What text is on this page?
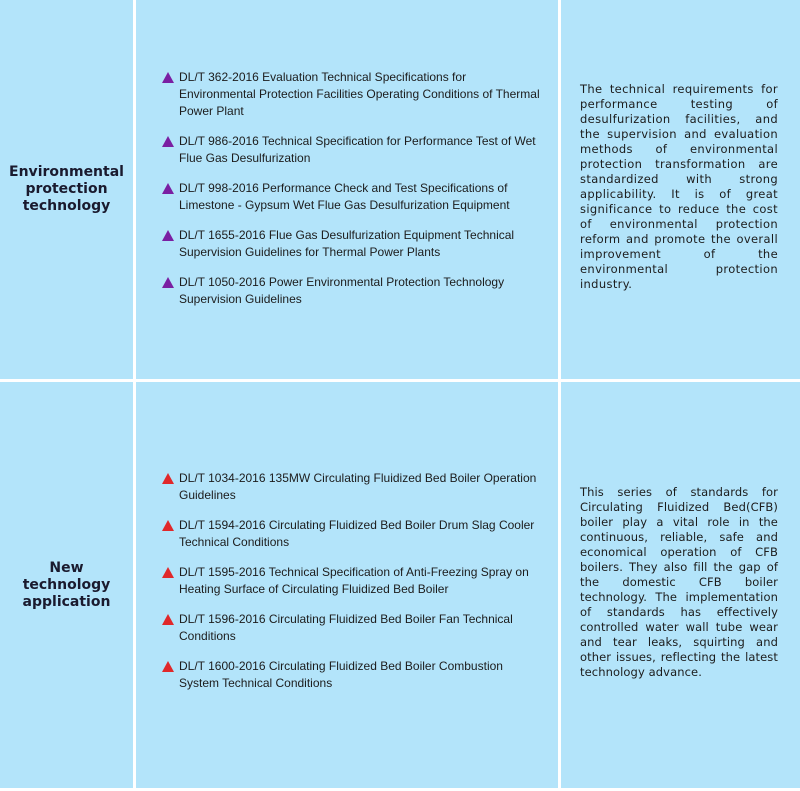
Environmental protection technology

DL/T 362-2016 Evaluation Technical Specifications for Environmental Protection Facilities Operating Conditions of Thermal Power Plant
DL/T 986-2016 Technical Specification for Performance Test of Wet Flue Gas Desulfurization
DL/T 998-2016 Performance Check and Test Specifications of Limestone - Gypsum Wet Flue Gas Desulfurization Equipment
DL/T 1655-2016 Flue Gas Desulfurization Equipment Technical Supervision Guidelines for Thermal Power Plants
DL/T 1050-2016 Power Environmental Protection Technology Supervision Guidelines

The technical requirements for performance testing of desulfurization facilities, and the supervision and evaluation methods of environmental protection transformation are standardized with strong applicability. It is of great significance to reduce the cost of environmental protection reform and promote the overall improvement of the environmental protection industry.

New technology application

DL/T 1034-2016 135MW Circulating Fluidized Bed Boiler Operation Guidelines
DL/T 1594-2016 Circulating Fluidized Bed Boiler Drum Slag Cooler Technical Conditions
DL/T 1595-2016 Technical Specification of Anti-Freezing Spray on Heating Surface of Circulating Fluidized Bed Boiler
DL/T 1596-2016 Circulating Fluidized Bed Boiler Fan Technical Conditions
DL/T 1600-2016 Circulating Fluidized Bed Boiler Combustion System Technical Conditions

This series of standards for Circulating Fluidized Bed(CFB) boiler play a vital role in the continuous, reliable, safe and economical operation of CFB boilers. They also fill the gap of the domestic CFB boiler technology. The implementation of standards has effectively controlled water wall tube wear and tear leaks, squirting and other issues, reflecting the latest technology advance.
